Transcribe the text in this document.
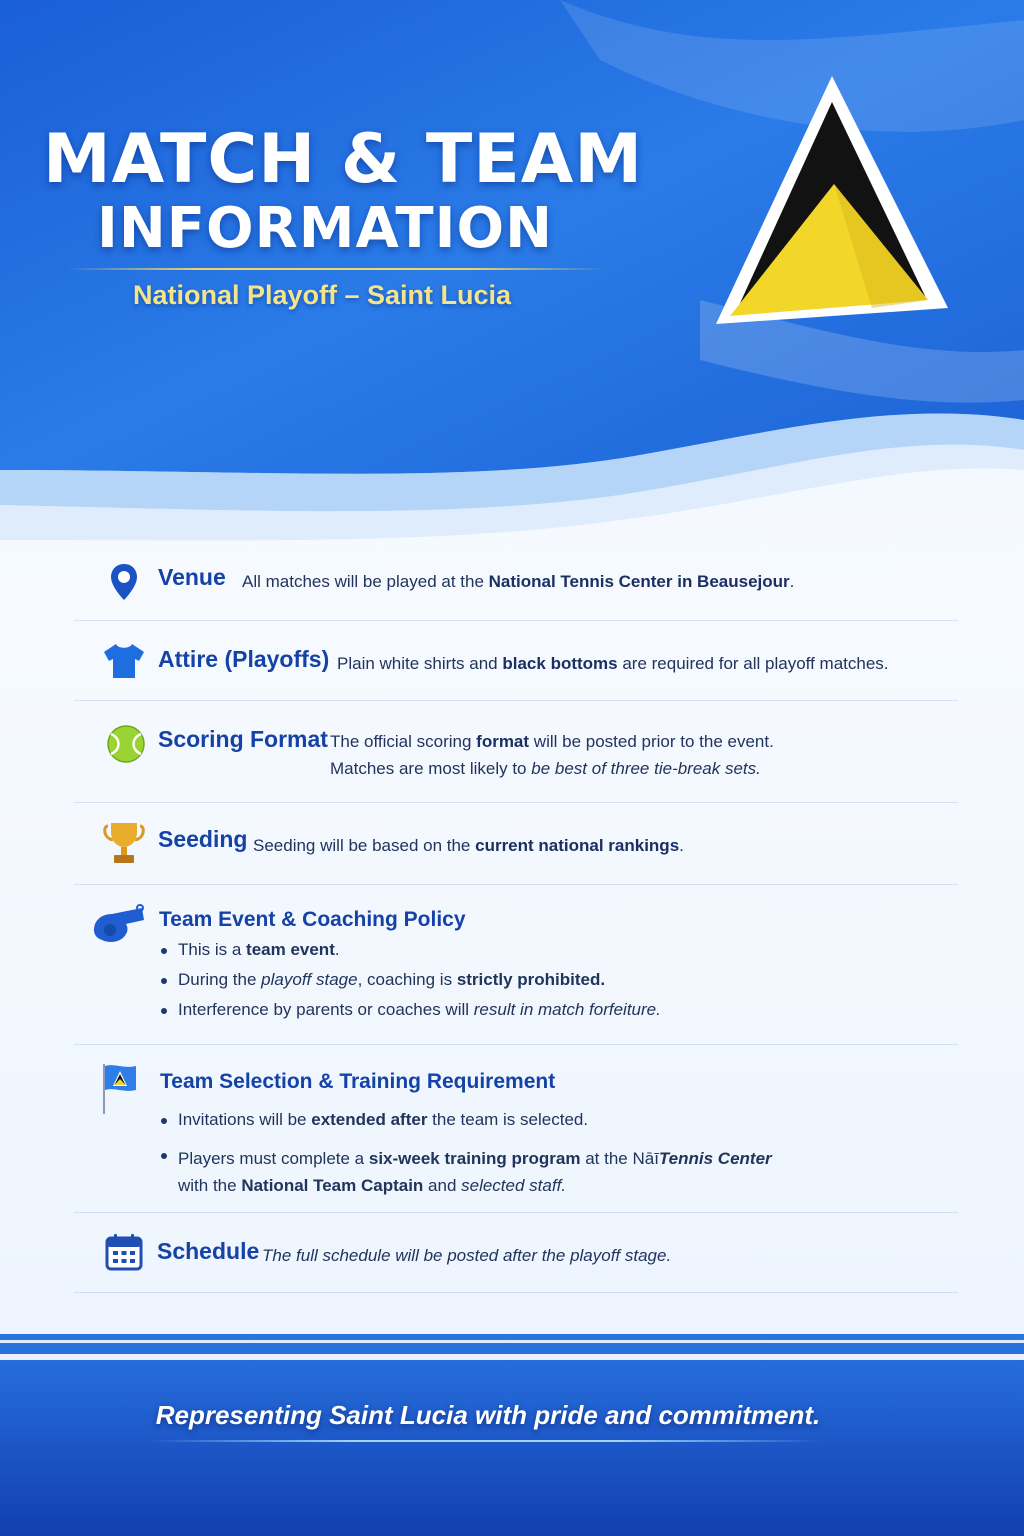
MATCH & TEAM
INFORMATION
National Playoff – Saint Lucia
Venue All matches will be played at the National Tennis Center in Beausejour.
Attire (Playoffs) Plain white shirts and black bottoms are required for all playoff matches.
Scoring Format The official scoring format will be posted prior to the event.
Matches are most likely to be best of three tie-break sets.
Seeding Seeding will be based on the current national rankings.
Team Event & Coaching Policy
This is a team event.
During the playoff stage, coaching is strictly prohibited.
Interference by parents or coaches will result in match forfeiture.
Team Selection & Training Requirement
Invitations will be extended after the team is selected.
Players must complete a six-week training program at the NāīTennis Center
with the National Team Captain and selected staff.
Schedule The full schedule will be posted after the playoff stage.
Representing Saint Lucia with pride and commitment.
